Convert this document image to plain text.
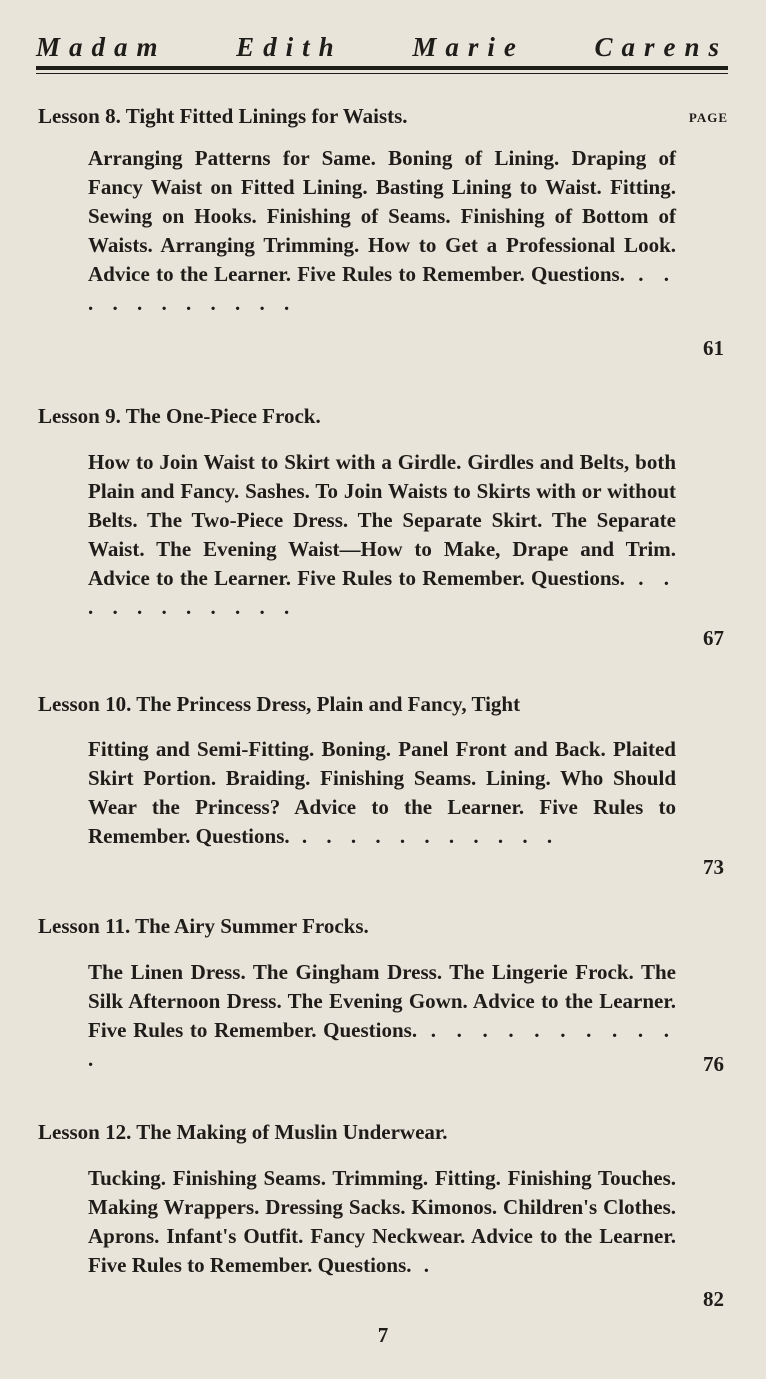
Madam	Edith	Marie	Carens
PAGE
Lesson 8. Tight Fitted Linings for Waists.
Arranging Patterns for Same. Boning of Lining. Draping of Fancy Waist on Fitted Lining. Basting Lining to Waist. Fitting. Sewing on Hooks. Finishing of Seams. Finishing of Bottom of Waists. Arranging Trimming. How to Get a Professional Look. Advice to the Learner. Five Rules to Remember. Questions. . . . . . . . . . . .
61
Lesson 9. The One-Piece Frock.
How to Join Waist to Skirt with a Girdle. Girdles and Belts, both Plain and Fancy. Sashes. To Join Waists to Skirts with or without Belts. The Two-Piece Dress. The Separate Skirt. The Separate Waist. The Evening Waist—How to Make, Drape and Trim. Advice to the Learner. Five Rules to Remember. Questions. . . . . . . . . . . .
67
Lesson 10. The Princess Dress, Plain and Fancy, Tight
Fitting and Semi-Fitting. Boning. Panel Front and Back. Plaited Skirt Portion. Braiding. Finishing Seams. Lining. Who Should Wear the Princess? Advice to the Learner. Five Rules to Remember. Questions. . . . . . . . . . . .
73
Lesson 11. The Airy Summer Frocks.
The Linen Dress. The Gingham Dress. The Lingerie Frock. The Silk Afternoon Dress. The Evening Gown. Advice to the Learner. Five Rules to Remember. Questions. . . . . . . . . . . .	76
Lesson 12. The Making of Muslin Underwear.
Tucking. Finishing Seams. Trimming. Fitting. Finishing Touches. Making Wrappers. Dressing Sacks. Kimonos. Children's Clothes. Aprons. Infant's Outfit. Fancy Neckwear. Advice to the Learner. Five Rules to Remember. Questions. .
82
7
